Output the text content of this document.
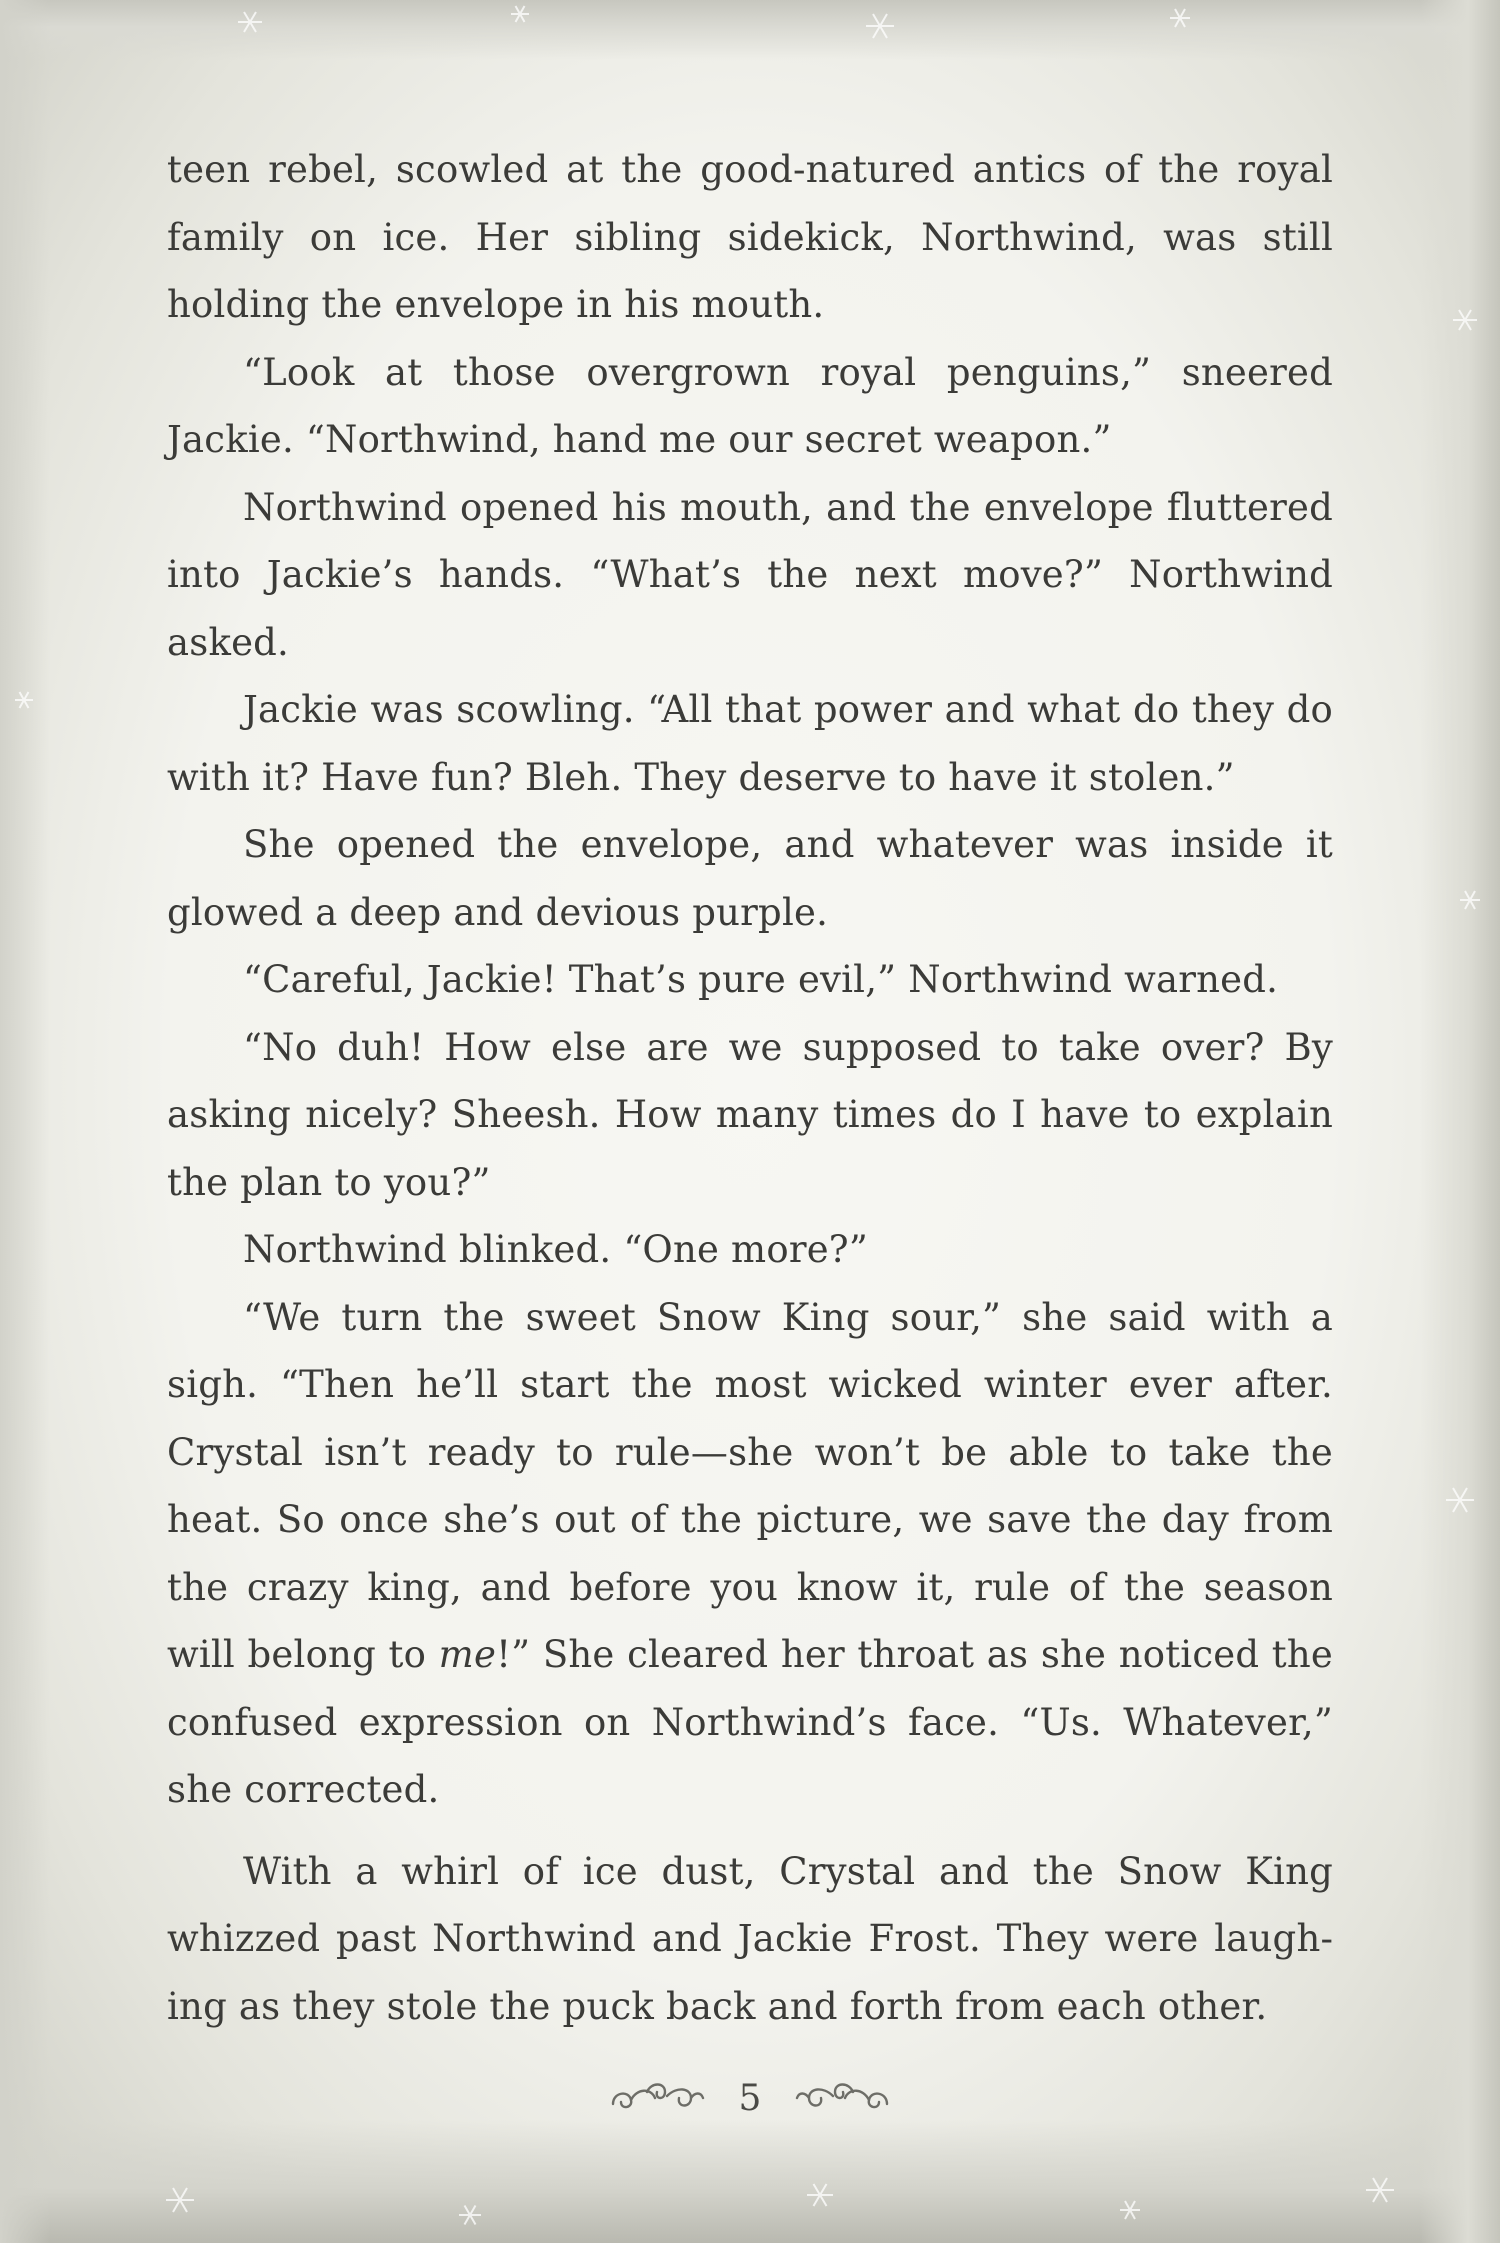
teen rebel, scowled at the good-natured antics of the royal family on ice. Her sibling sidekick, Northwind, was still holding the envelope in his mouth.

“Look at those overgrown royal penguins,” sneered Jackie. “Northwind, hand me our secret weapon.”

Northwind opened his mouth, and the envelope fluttered into Jackie’s hands. “What’s the next move?” Northwind asked.

Jackie was scowling. “All that power and what do they do with it? Have fun? Bleh. They deserve to have it stolen.”

She opened the envelope, and whatever was inside it glowed a deep and devious purple.

“Careful, Jackie! That’s pure evil,” Northwind warned.

“No duh! How else are we supposed to take over? By asking nicely? Sheesh. How many times do I have to explain the plan to you?”

Northwind blinked. “One more?”

“We turn the sweet Snow King sour,” she said with a sigh. “Then he’ll start the most wicked winter ever after. Crystal isn’t ready to rule—she won’t be able to take the heat. So once she’s out of the picture, we save the day from the crazy king, and before you know it, rule of the season will belong to me!” She cleared her throat as she noticed the confused expression on Northwind’s face. “Us. Whatever,” she corrected.

With a whirl of ice dust, Crystal and the Snow King whizzed past Northwind and Jackie Frost. They were laughing as they stole the puck back and forth from each other.

5
